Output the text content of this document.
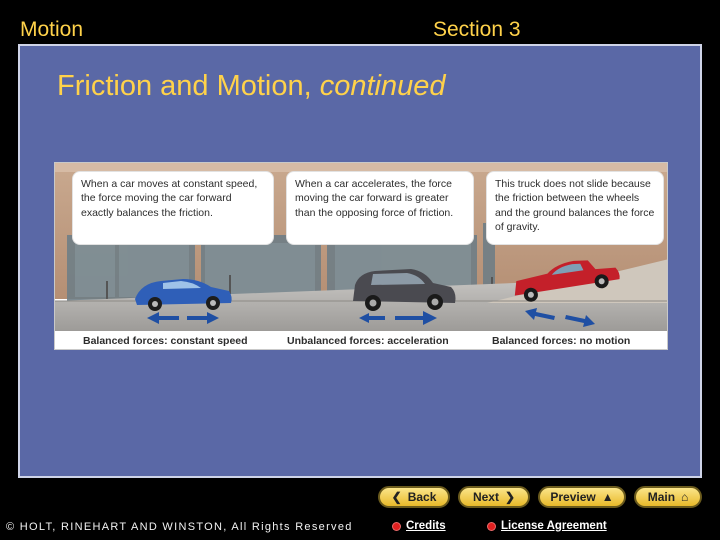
Motion	Section 3
Friction and Motion, continued
When a car moves at constant speed, the force moving the car forward exactly balances the friction.
When a car accelerates, the force moving the car forward is greater than the opposing force of friction.
This truck does not slide because the friction between the wheels and the ground balances the force of gravity.
Balanced forces: constant speed	Unbalanced forces: acceleration	Balanced forces: no motion
❮ Back	Next ❯	Preview ▲	Main ⌂
© HOLT, RINEHART AND WINSTON, All Rights Reserved	Credits	License Agreement
